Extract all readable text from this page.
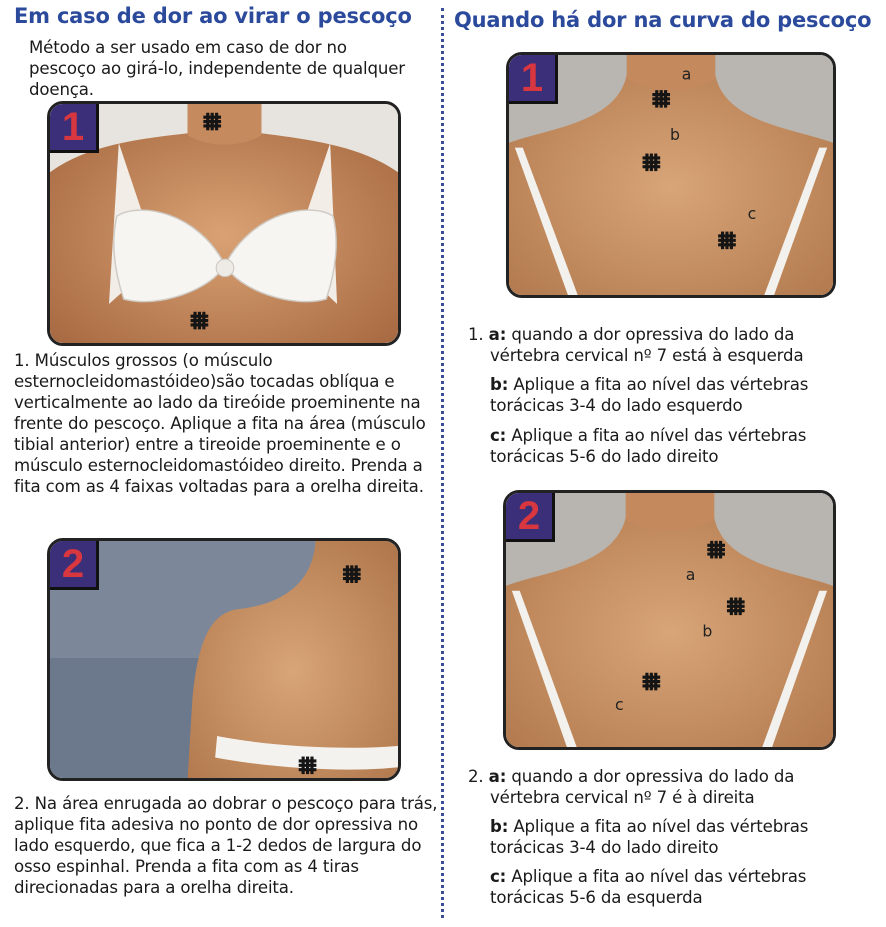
Em caso de dor ao virar o pescoço
Método a ser usado em caso de dor no pescoço ao girá-lo, independente de qualquer doença.
1
1. Músculos grossos (o músculo esternocleidomastóideo)são tocadas oblíqua e verticalmente ao lado da tireóide proeminente na frente do pescoço. Aplique a fita na área (músculo tibial anterior) entre a tireoide proeminente e o músculo esternocleidomastóideo direito. Prenda a fita com as 4 faixas voltadas para a orelha direita.
2
2. Na área enrugada ao dobrar o pescoço para trás, aplique fita adesiva no ponto de dor opressiva no lado esquerdo, que fica a 1-2 dedos de largura do osso espinhal. Prenda a fita com as 4 tiras direcionadas para a orelha direita.
Quando há dor na curva do pescoço
a
b
c
1
1. a: quando a dor opressiva do lado da
vértebra cervical nº 7 está à esquerda
b: Aplique a fita ao nível das vértebras
torácicas 3-4 do lado esquerdo
c: Aplique a fita ao nível das vértebras
torácicas 5-6 do lado direito
a
b
c
2
2. a: quando a dor opressiva do lado da
vértebra cervical nº 7 é à direita
b: Aplique a fita ao nível das vértebras
torácicas 3-4 do lado direito
c: Aplique a fita ao nível das vértebras
torácicas 5-6 da esquerda
